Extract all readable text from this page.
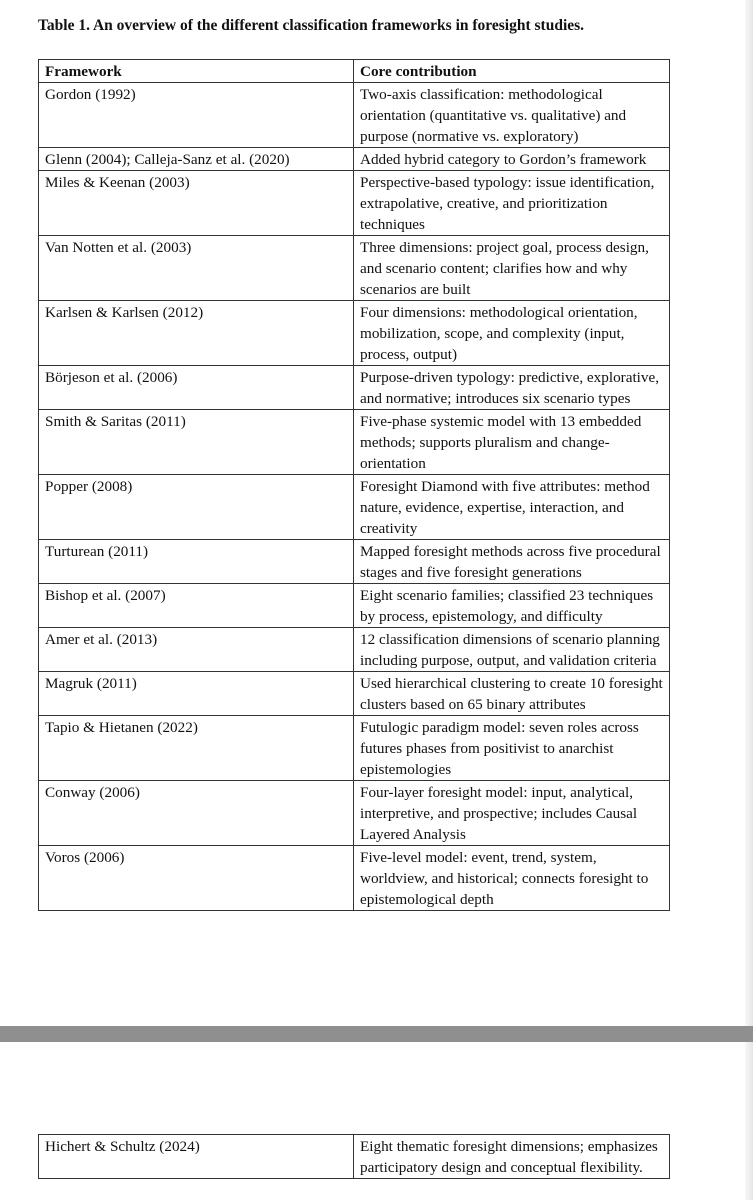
Table 1. An overview of the different classification frameworks in foresight studies.
Framework	Core contribution
Gordon (1992)	Two-axis classification: methodological orientation (quantitative vs. qualitative) and purpose (normative vs. exploratory)
Glenn (2004); Calleja-Sanz et al. (2020)	Added hybrid category to Gordon’s framework
Miles & Keenan (2003)	Perspective-based typology: issue identification, extrapolative, creative, and prioritization techniques
Van Notten et al. (2003)	Three dimensions: project goal, process design, and scenario content; clarifies how and why scenarios are built
Karlsen & Karlsen (2012)	Four dimensions: methodological orientation, mobilization, scope, and complexity (input, process, output)
Börjeson et al. (2006)	Purpose-driven typology: predictive, explorative, and normative; introduces six scenario types
Smith & Saritas (2011)	Five-phase systemic model with 13 embedded methods; supports pluralism and change-orientation
Popper (2008)	Foresight Diamond with five attributes: method nature, evidence, expertise, interaction, and creativity
Turturean (2011)	Mapped foresight methods across five procedural stages and five foresight generations
Bishop et al. (2007)	Eight scenario families; classified 23 techniques by process, epistemology, and difficulty
Amer et al. (2013)	12 classification dimensions of scenario planning including purpose, output, and validation criteria
Magruk (2011)	Used hierarchical clustering to create 10 foresight clusters based on 65 binary attributes
Tapio & Hietanen (2022)	Futulogic paradigm model: seven roles across futures phases from positivist to anarchist epistemologies
Conway (2006)	Four-layer foresight model: input, analytical, interpretive, and prospective; includes Causal Layered Analysis
Voros (2006)	Five-level model: event, trend, system, worldview, and historical; connects foresight to epistemological depth
Hichert & Schultz (2024)	Eight thematic foresight dimensions; emphasizes participatory design and conceptual flexibility.
